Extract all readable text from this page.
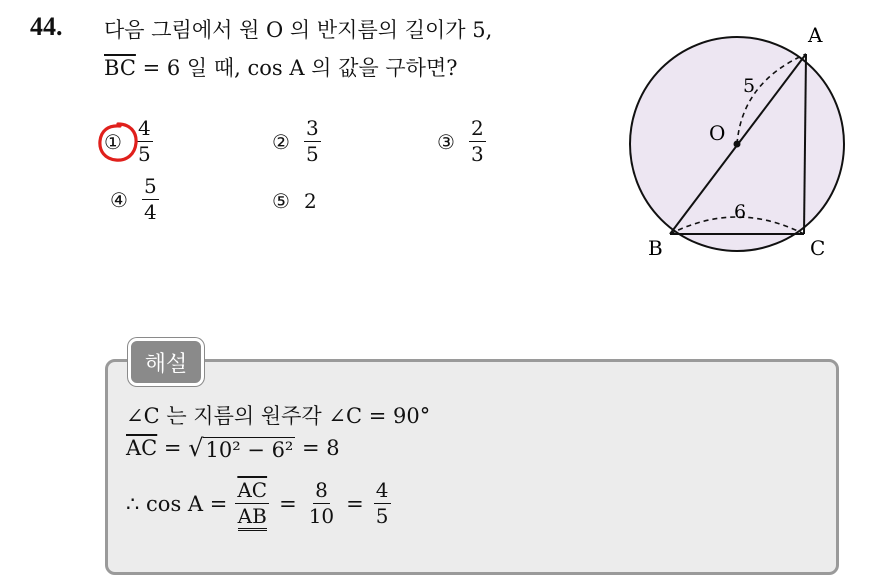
44. 다음 그림에서 원 O 의 반지름의 길이가 5,
$\overline{BC} = 6$ 일 때, cos A 의 값을 구하면?
① $\frac{4}{5}$	② $\frac{3}{5}$	③ $\frac{2}{3}$
④ $\frac{5}{4}$	⑤ 2
A
B	C
O
5
6
해설
∠C 는 지름의 원주각 ∠C = 90°
$\overline{AC}$ = √ 10² − 6² = 8
∴ $\cos A = \frac{\overline{AC}}{AB} = \frac{8}{10} = \frac{4}{5}$
